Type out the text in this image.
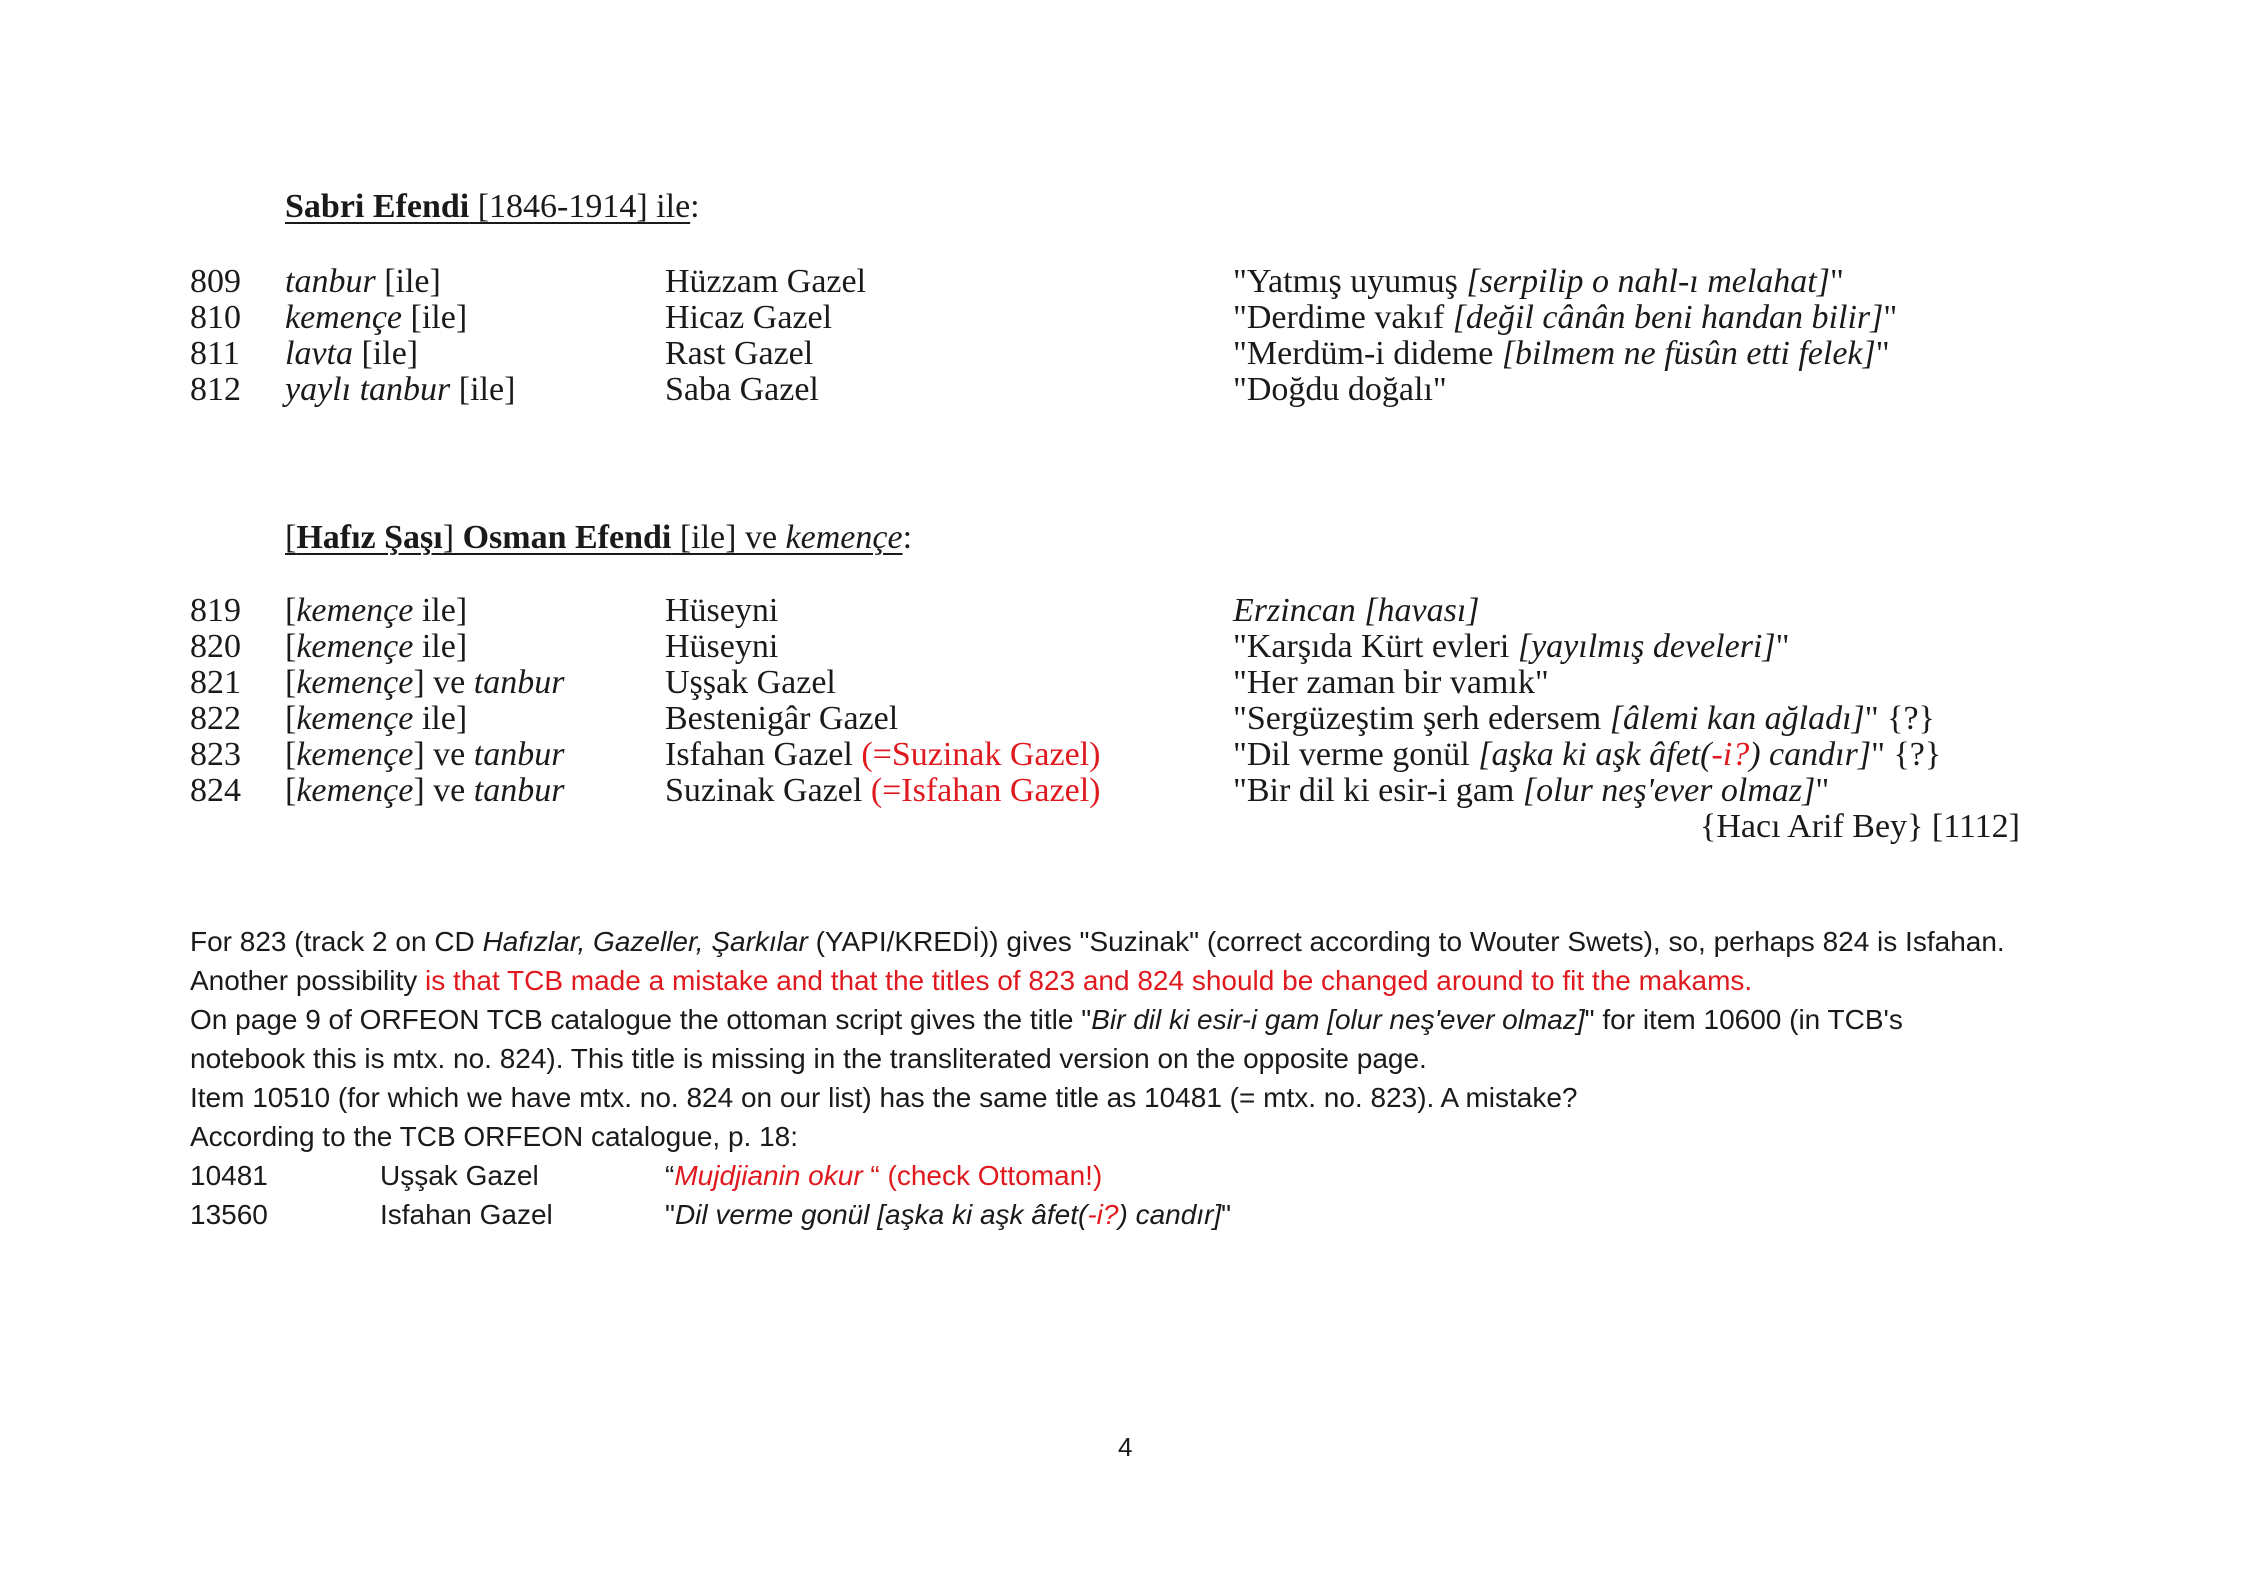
Sabri Efendi [1846-1914] ile:
809 tanbur [ile]	Hüzzam Gazel	"Yatmış uyumuş [serpilip o nahl-ı melahat]"
810 kemençe [ile]	Hicaz Gazel	"Derdime vakıf [değil cânân beni handan bilir]"
811 lavta [ile]	Rast Gazel	"Merdüm-i dideme [bilmem ne füsûn etti felek]"
812 yaylı tanbur [ile]	Saba Gazel	"Doğdu doğalı"
[Hafız Şaşı] Osman Efendi [ile] ve kemençe:
819 [kemençe ile]	Hüseyni	Erzincan [havası]
820 [kemençe ile]	Hüseyni	"Karşıda Kürt evleri [yayılmış develeri]"
821 [kemençe] ve tanbur	Uşşak Gazel	"Her zaman bir vamık"
822 [kemençe ile]	Bestenigâr Gazel	"Sergüzeştim şerh edersem [âlemi kan ağladı]" {?}
823 [kemençe] ve tanbur	Isfahan Gazel (=Suzinak Gazel)	"Dil verme gonül [aşka ki aşk âfet(-i?) candır]" {?}
824 [kemençe] ve tanbur	Suzinak Gazel (=Isfahan Gazel)	"Bir dil ki esir-i gam [olur neş'ever olmaz]"
{Hacı Arif Bey} [1112]
For 823 (track 2 on CD Hafızlar, Gazeller, Şarkılar (YAPI/KREDİ)) gives "Suzinak" (correct according to Wouter Swets), so, perhaps 824 is Isfahan.
Another possibility is that TCB made a mistake and that the titles of 823 and 824 should be changed around to fit the makams.
On page 9 of ORFEON TCB catalogue the ottoman script gives the title "Bir dil ki esir-i gam [olur neş'ever olmaz]" for item 10600 (in TCB's
notebook this is mtx. no. 824). This title is missing in the transliterated version on the opposite page.
Item 10510 (for which we have mtx. no. 824 on our list) has the same title as 10481 (= mtx. no. 823). A mistake?
According to the TCB ORFEON catalogue, p. 18:
10481	Uşşak Gazel	“Mujdjianin okur “ (check Ottoman!)
13560	Isfahan Gazel	"Dil verme gonül [aşka ki aşk âfet(-i?) candır]"
4
